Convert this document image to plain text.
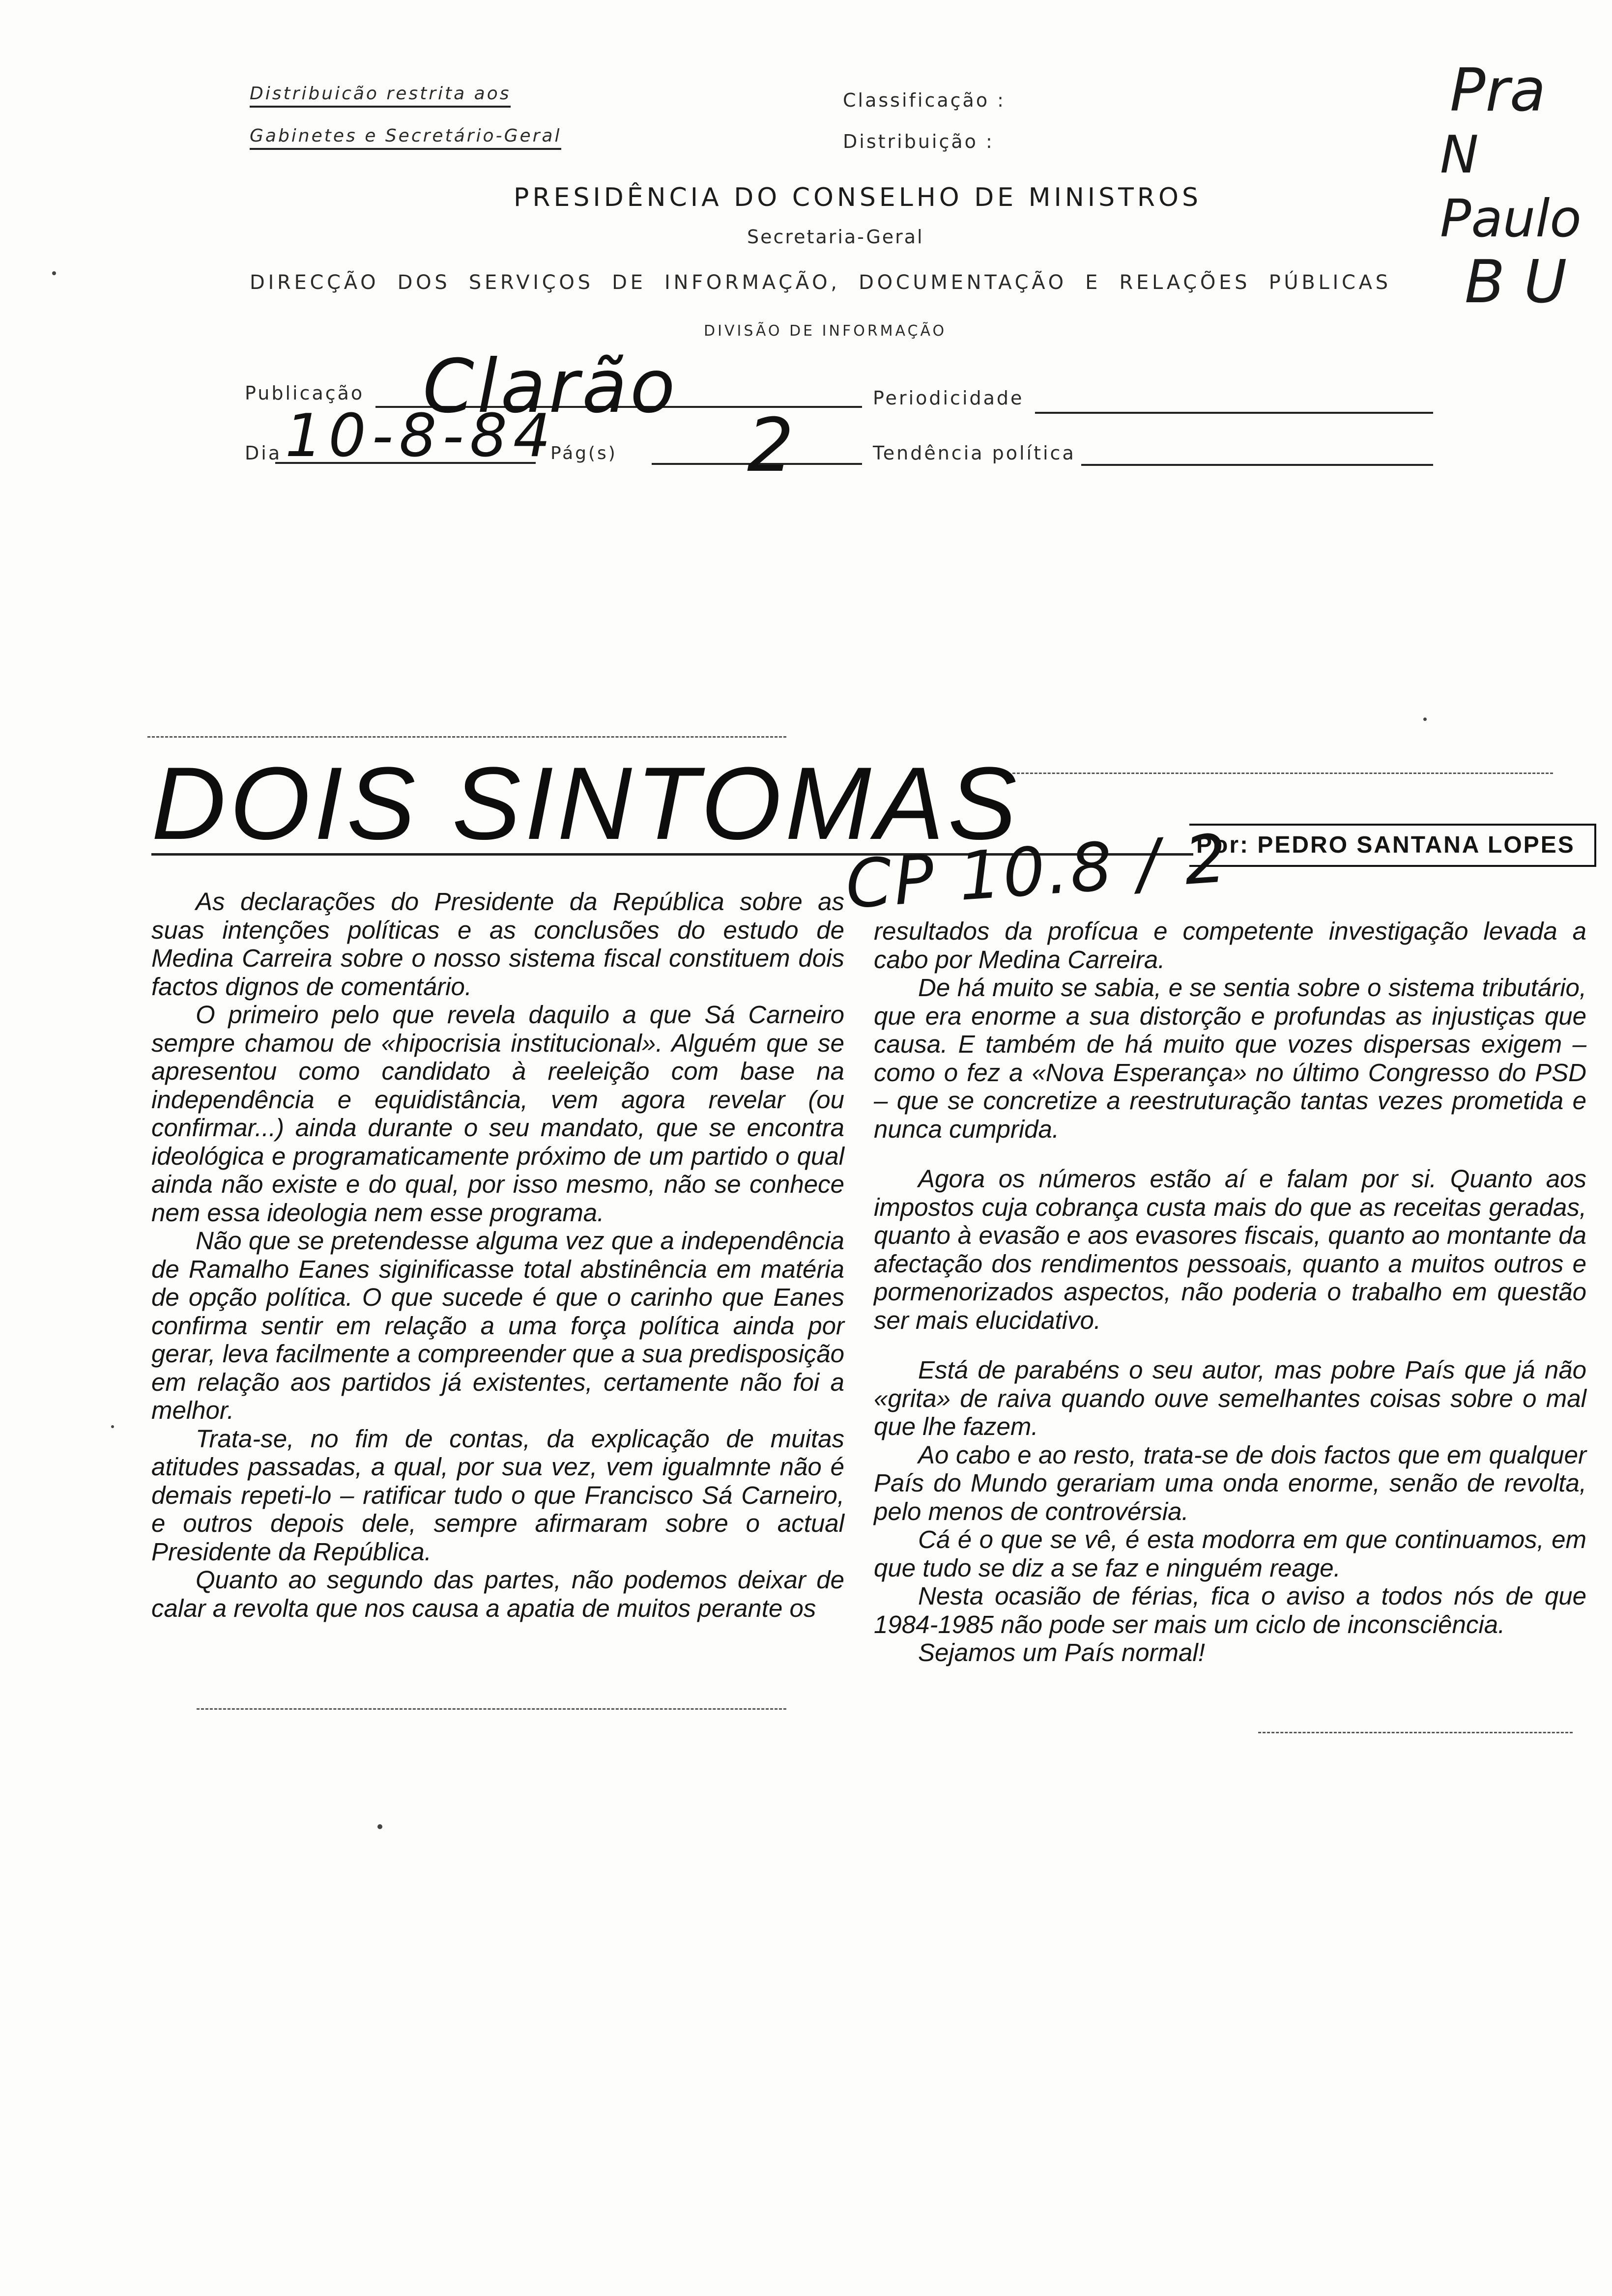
Distribuicão restrita aos
Gabinetes e Secretário-Geral
Classificação :
Distribuição :
PRESIDÊNCIA DO CONSELHO DE MINISTROS
Secretaria-Geral
DIRECÇÃO DOS SERVIÇOS DE INFORMAÇÃO, DOCUMENTAÇÃO E RELAÇÕES PÚBLICAS
DIVISÃO DE INFORMAÇÃO
Pra
N Paulo
B U
Publicação Clarão	Periodicidade
Dia 10-8-84
Pág(s) 2	Tendência política
DOIS SINTOMAS
CP 10.8 / 2
Por: PEDRO SANTANA LOPES

As declarações do Presidente da República sobre as suas intenções políticas e as conclusões do estudo de Medina Carreira sobre o nosso sistema fiscal constituem dois factos dignos de comentário.

O primeiro pelo que revela daquilo a que Sá Carneiro sempre chamou de «hipocrisia institucional». Alguém que se apresentou como candidato à reeleição com base na independência e equidistância, vem agora revelar (ou confirmar...) ainda durante o seu mandato, que se encontra ideológica e programaticamente próximo de um partido o qual ainda não existe e do qual, por isso mesmo, não se conhece nem essa ideologia nem esse programa.

Não que se pretendesse alguma vez que a independência de Ramalho Eanes siginificasse total abstinência em matéria de opção política. O que sucede é que o carinho que Eanes confirma sentir em relação a uma força política ainda por gerar, leva facilmente a compreender que a sua predisposição em relação aos partidos já existentes, certamente não foi a melhor.

Trata-se, no fim de contas, da explicação de muitas atitudes passadas, a qual, por sua vez, vem igualmnte não é demais repeti-lo – ratificar tudo o que Francisco Sá Carneiro, e outros depois dele, sempre afirmaram sobre o actual Presidente da República.

Quanto ao segundo das partes, não podemos deixar de calar a revolta que nos causa a apatia de muitos perante os

resultados da profícua e competente investigação levada a cabo por Medina Carreira.

De há muito se sabia, e se sentia sobre o sistema tributário, que era enorme a sua distorção e profundas as injustiças que causa. E também de há muito que vozes dispersas exigem – como o fez a «Nova Esperança» no último Congresso do PSD – que se concretize a reestruturação tantas vezes prometida e nunca cumprida.

Agora os números estão aí e falam por si. Quanto aos impostos cuja cobrança custa mais do que as receitas geradas, quanto à evasão e aos evasores fiscais, quanto ao montante da afectação dos rendimentos pessoais, quanto a muitos outros e pormenorizados aspectos, não poderia o trabalho em questão ser mais elucidativo.

Está de parabéns o seu autor, mas pobre País que já não «grita» de raiva quando ouve semelhantes coisas sobre o mal que lhe fazem.

Ao cabo e ao resto, trata-se de dois factos que em qualquer País do Mundo gerariam uma onda enorme, senão de revolta, pelo menos de controvérsia.

Cá é o que se vê, é esta modorra em que continuamos, em que tudo se diz a se faz e ninguém reage.

Nesta ocasião de férias, fica o aviso a todos nós de que 1984-1985 não pode ser mais um ciclo de inconsciência.

Sejamos um País normal!
